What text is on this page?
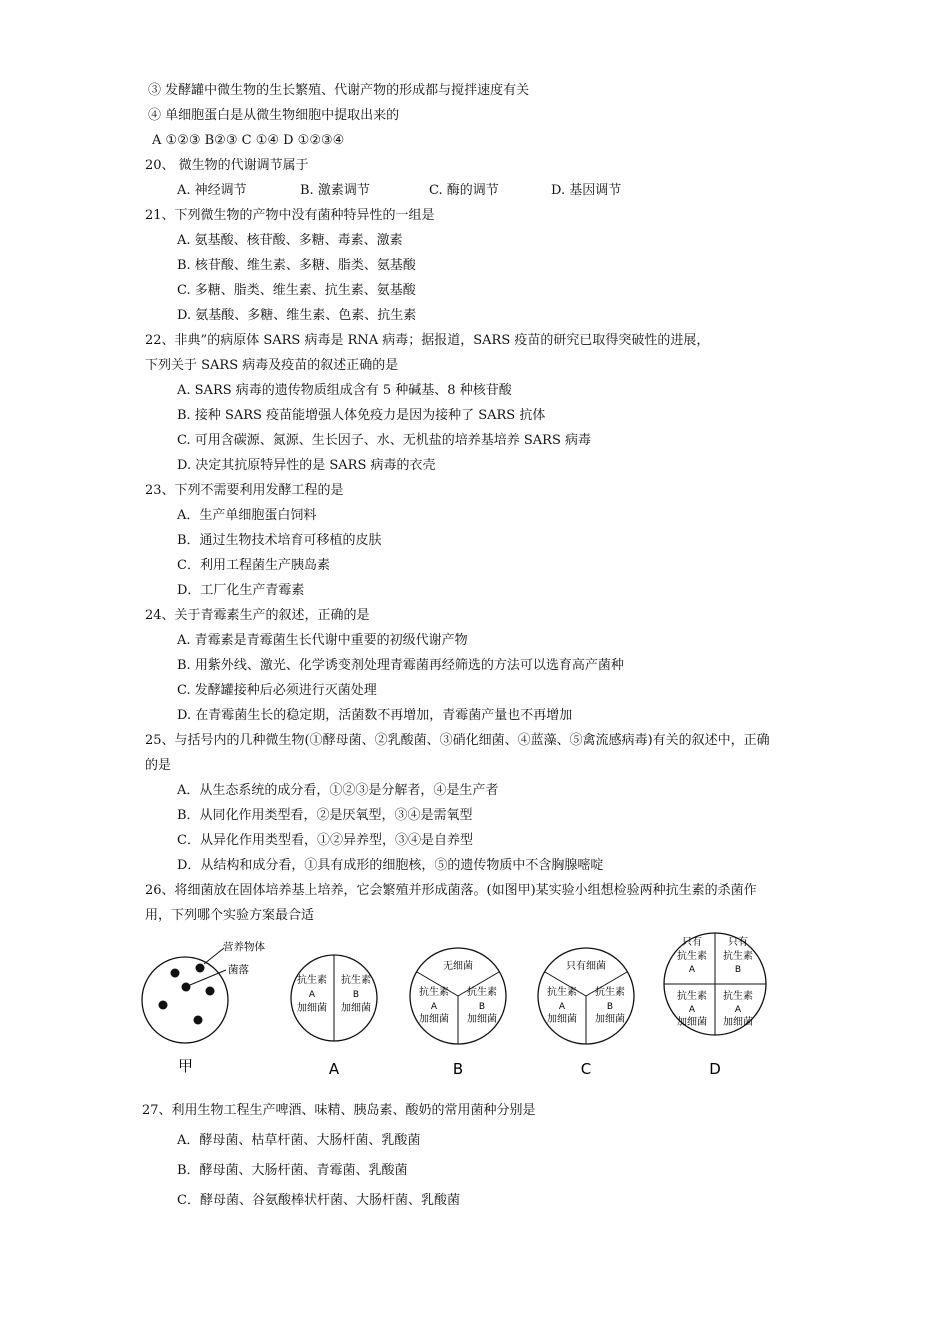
③ 发酵罐中微生物的生长繁殖、代谢产物的形成都与搅拌速度有关
④ 单细胞蛋白是从微生物细胞中提取出来的
A ①②③ B②③ C ①④ D ①②③④
20、 微生物的代谢调节属于
A. 神经调节	B. 激素调节	C. 酶的调节	D. 基因调节
21、下列微生物的产物中没有菌种特异性的一组是
A. 氨基酸、核苷酸、多糖、毒素、激素
B. 核苷酸、维生素、多糖、脂类、氨基酸
C. 多糖、脂类、维生素、抗生素、氨基酸
D. 氨基酸、多糖、维生素、色素、抗生素
22、非典”的病原体 SARS 病毒是 RNA 病毒；据报道，SARS 疫苗的研究已取得突破性的进展，
下列关于 SARS 病毒及疫苗的叙述正确的是
A. SARS 病毒的遗传物质组成含有 5 种碱基、8 种核苷酸
B. 接种 SARS 疫苗能增强人体免疫力是因为接种了 SARS 抗体
C. 可用含碳源、氮源、生长因子、水、无机盐的培养基培养 SARS 病毒
D. 决定其抗原特异性的是 SARS 病毒的衣壳
23、下列不需要利用发酵工程的是
A．生产单细胞蛋白饲料
B．通过生物技术培育可移植的皮肤
C．利用工程菌生产胰岛素
D．工厂化生产青霉素
24、关于青霉素生产的叙述，正确的是
A. 青霉素是青霉菌生长代谢中重要的初级代谢产物
B. 用紫外线、激光、化学诱变剂处理青霉菌再经筛选的方法可以选育高产菌种
C. 发酵罐接种后必须进行灭菌处理
D. 在青霉菌生长的稳定期，活菌数不再增加，青霉菌产量也不再增加
25、与括号内的几种微生物(①酵母菌、②乳酸菌、③硝化细菌、④蓝藻、⑤禽流感病毒)有关的叙述中，正确
的是
A．从生态系统的成分看，①②③是分解者，④是生产者
B．从同化作用类型看，②是厌氧型，③④是需氧型
C．从异化作用类型看，①②异养型，③④是自养型
D．从结构和成分看，①具有成形的细胞核，⑤的遗传物质中不含胸腺嘧啶
26、将细菌放在固体培养基上培养，它会繁殖并形成菌落。(如图甲)某实验小组想检验两种抗生素的杀菌作
用，下列哪个实验方案最合适
营养物体
菌落
甲
抗生素
A
加细菌
抗生素
B
加细菌
A
无细菌
抗生素
A
加细菌
抗生素
B
加细菌
B
只有细菌
抗生素
A
加细菌
抗生素
B
加细菌
C
只有
抗生素
A
只有
抗生素
B
抗生素
A
加细菌
抗生素
A
加细菌
D
27、利用生物工程生产啤酒、味精、胰岛素、酸奶的常用菌种分别是
A．酵母菌、枯草杆菌、大肠杆菌、乳酸菌
B．酵母菌、大肠杆菌、青霉菌、乳酸菌
C．酵母菌、谷氨酸棒状杆菌、大肠杆菌、乳酸菌
